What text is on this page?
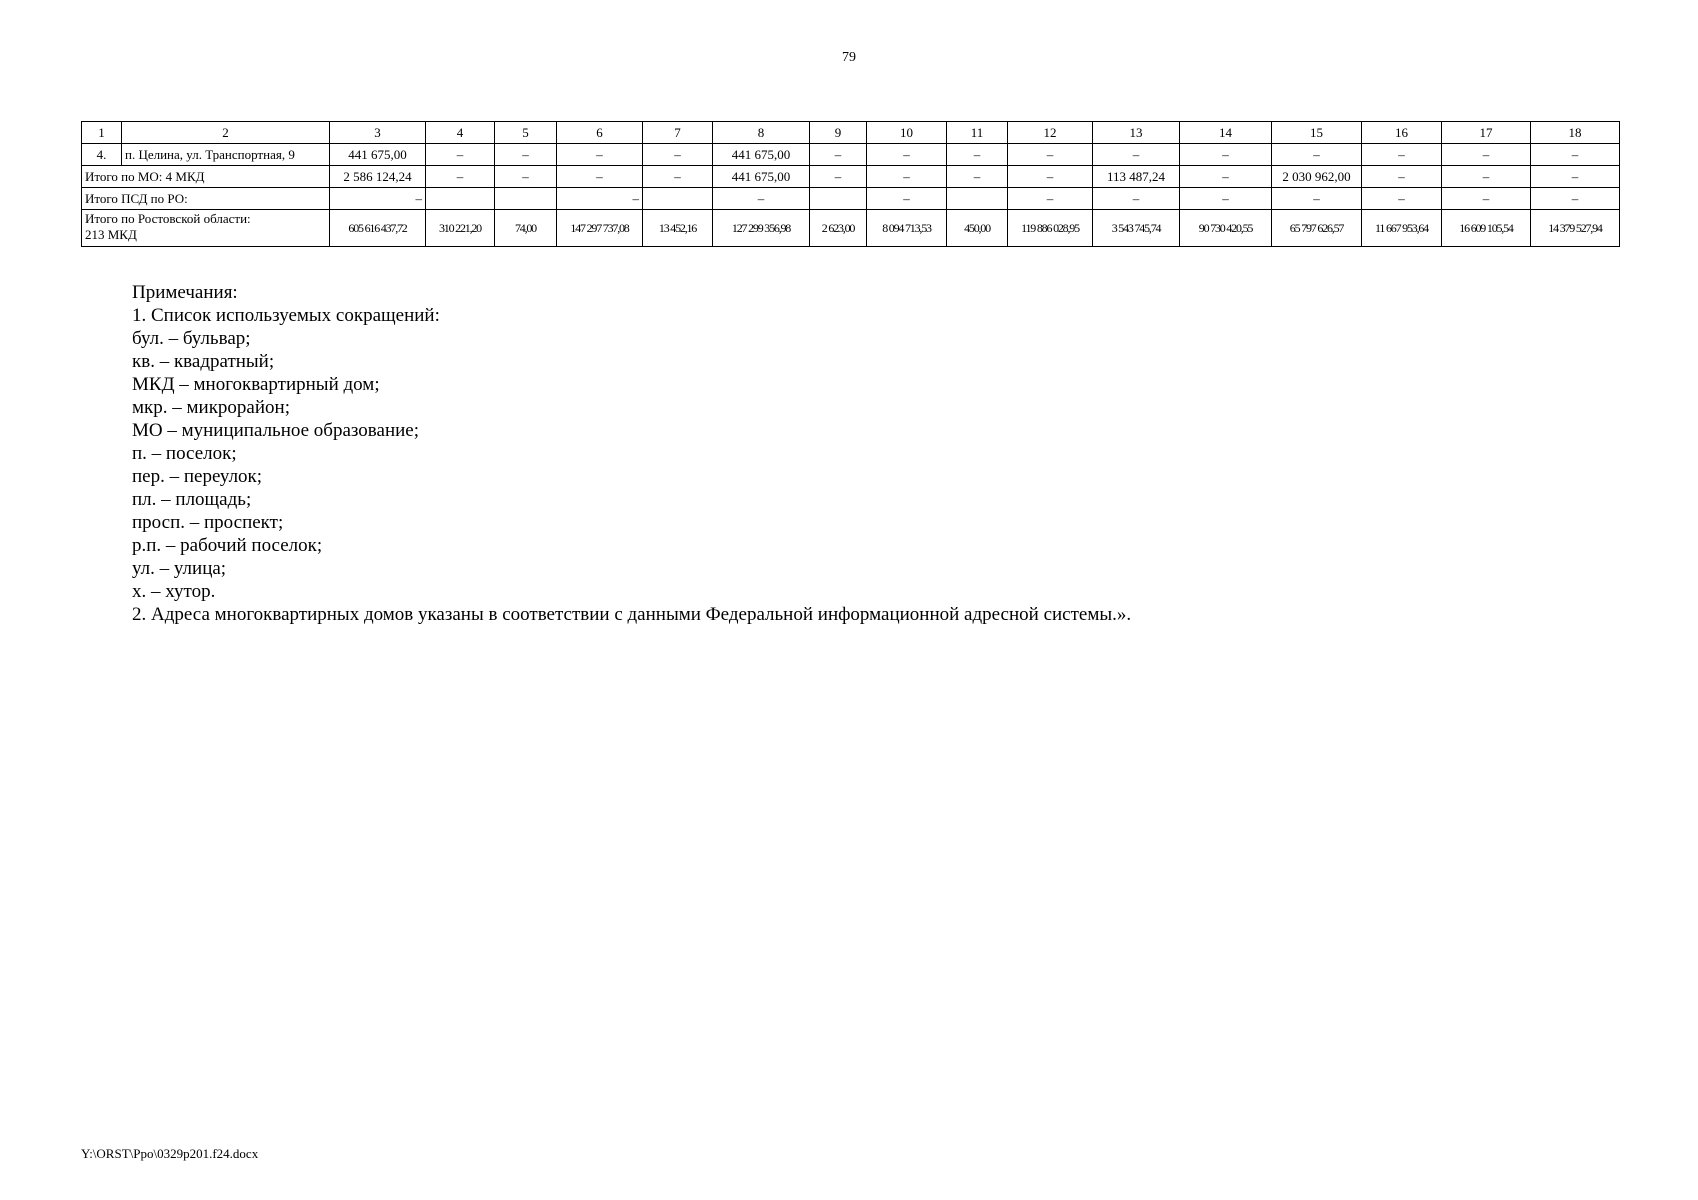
79
1	2	3	4	5	6	7	8	9	10	11	12	13	14	15	16	17	18
4.	п. Целина, ул. Транспортная, 9	441 675,00	–	–	–	–	441 675,00	–	–	–	–	–	–	–	–	–	–
Итого по МО: 4 МКД		2 586 124,24	–	–	–	–	441 675,00	–	–	–	–	113 487,24	–	2 030 962,00	–	–	–
Итого ПСД по РО:		–			–		–		–		–	–	–	–	–	–	–
Итого по Ростовской области:
213 МКД		605 616 437,72	310 221,20	74,00	147 297 737,08	13 452,16	127 299 356,98	2 623,00	8 094 713,53	450,00	119 886 028,95	3 543 745,74	90 730 420,55	65 797 626,57	11 667 953,64	16 609 105,54	14 379 527,94
Примечания:
1. Список используемых сокращений:
бул. – бульвар;
кв. – квадратный;
МКД – многоквартирный дом;
мкр. – микрорайон;
МО – муниципальное образование;
п. – поселок;
пер. – переулок;
пл. – площадь;
просп. – проспект;
р.п. – рабочий поселок;
ул. – улица;
х. – хутор.
2. Адреса многоквартирных домов указаны в соответствии с данными Федеральной информационной адресной системы.».
Y:\ORST\Ppo\0329p201.f24.docx
